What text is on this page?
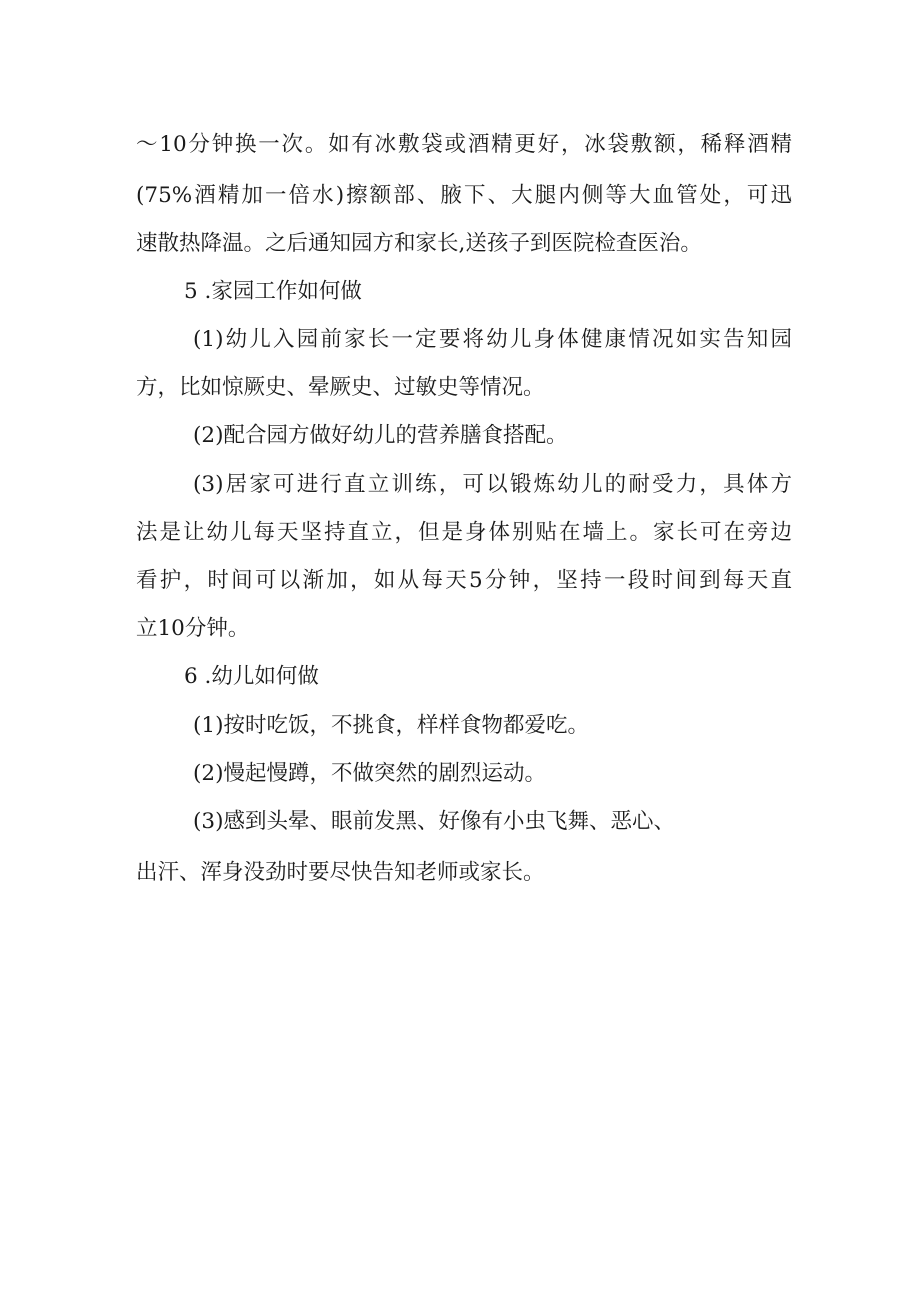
～10分钟换一次。如有冰敷袋或酒精更好，冰袋敷额，稀释酒精
(75%酒精加一倍水)擦额部、腋下、大腿内侧等大血管处，可迅
速散热降温。之后通知园方和家长,送孩子到医院检查医治。
5 .家园工作如何做
(1)幼儿入园前家长一定要将幼儿身体健康情况如实告知园
方，比如惊厥史、晕厥史、过敏史等情况。
(2)配合园方做好幼儿的营养膳食搭配。
(3)居家可进行直立训练，可以锻炼幼儿的耐受力，具体方
法是让幼儿每天坚持直立，但是身体别贴在墙上。家长可在旁边
看护，时间可以渐加，如从每天5分钟，坚持一段时间到每天直
立10分钟。
6 .幼儿如何做
(1)按时吃饭，不挑食，样样食物都爱吃。
(2)慢起慢蹲，不做突然的剧烈运动。
(3)感到头晕、眼前发黑、好像有小虫飞舞、恶心、
出汗、浑身没劲时要尽快告知老师或家长。
